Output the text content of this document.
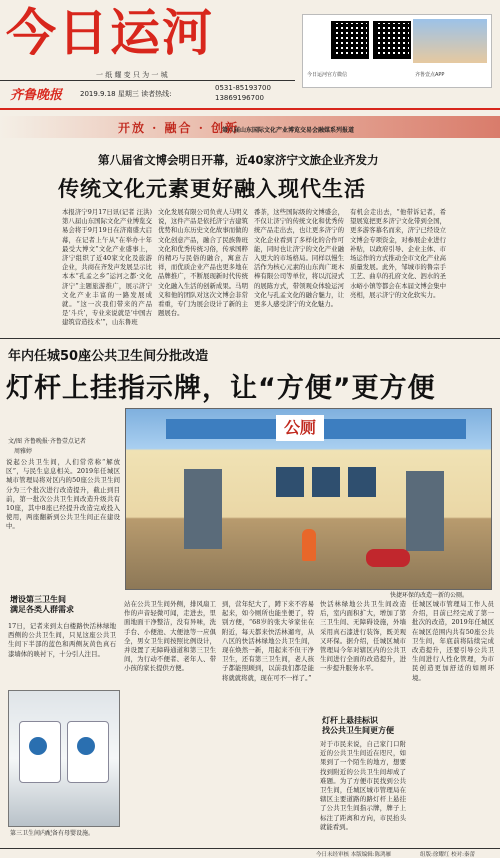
今日运河
一 纸 耀 变 只 为 一 城	今日运河官方微信	齐鲁壹点APP
齐鲁晚报	2019.9.18 星期三 读者热线:
0531-85193700
13869196700
开放 · 融合 · 创新
第八届山东国际文化产业博览交易会融媒系列报道
第八届省文博会明日开幕，近40家济宁文旅企业齐发力
传统文化元素更好融入现代生活
本报济宁9月17日讯(记者 汪洪) 第八届山东国际文化产业博览交易会将于9月19日在济南盛大启幕，在记者上午从“在举办十年 最受大博文”文化产业盛事上，济宁组织了近40家文化及旅游企业，共商在齐发声发展呈示比本本“孔孟之乡”运河之都·文化济宁”主题旅游推广，展示济宁文化产业丰富的一路发展成就。“这一次我们带来的产品是‘斗兵’，专业来说就是‘中国古建筑营造技术’”，山东鲁班
文化发展有限公司负责人马明义说，这件产品是依托济宁古建筑优势和山东历史文化故事而做的文化创意产品，融合了民族鲁班文化和优秀传统习俗，传承国粹的精巧与民俗的融合，寓意吉祥，而优质企业产品也更多地在品牌推广，不断展现新时代传统文化融入生活的创新成果。马明义和他的团队对这次文博会非常看重，专门为展会设计了新的主题展台。
番茶，这些国际级的文博盛会，不仅让济宁的传统文化和优秀传统产品走出去，也让更多济宁的文化企业看到了多样化的合作可能，同时也让济宁的文化产业融入更大的市场格局。同样以慢生活作为核心元素的山东尚广斑木棒有限公司等单位，将以沉浸式的展陈方式，带领观众体验运河文化与孔孟文化的融合魅力，让更多人感受济宁的文化魅力。
有机会走出去，“他带诉记者，希望展览把更多济宁文化带到全国，更多游客慕名而来，济宁已经设立文博会专项资金，对参展企业进行补贴，以政府引导、企业主体、市场运作的方式推动全市文化产业高质量发展。此外，邹城市的鲁宗手工艺、曲阜的孔府文化、泗水的圣水峪小镇等都会在本届文博会集中亮相，展示济宁的文化软实力。
年内任城50座公共卫生间分批改造
灯杆上挂指示牌，让“方便”更方便
文/图 齐鲁晚报·齐鲁壹点记者
周雅婷
说起公共卫生间，人们常常称“解放区”，与民生息息相关。2019年任城区城市管理局将对区内的50座公共卫生间分为三个批次进行改造提升，截止到目前，第一批次公共卫生间改造升级共有10座，其中8座已经提升改造完成投入使用，两座翻新到公共卫生间正在建设中。
公厕
快捷环保的改造一新的公厕。
增设第三卫生间
满足各类人群需求
17日，记者来到太白楼路快活林绿地西侧的公共卫生间，只见这座公共卫生间下半部的蓝色和两侧灰黄色真石漆墙体的映衬下，十分引人注目。
站在公共卫生间外侧，排风扇工作的声音轻微可闻，走进去，里面地面干净整洁，没有异味，洗手台、小便池、大便池等一应俱全，男女卫生间按照比例设计，并设置了无障碍通道和第三卫生间，为行动不便者、老年人、带小孩的家长提供方便。
到，营年纪大了，蹲下来不容易起来，如今厕所也能坐便了，特别方便，“68岁的张大爷家住在附近，每天都来快活林遛弯，从八区的快活林绿地公共卫生间，现在焕然一新，用起来不但干净卫生，还有第三卫生间，老人孩子都能照顾到，以前我们都是能将就就将就，现在可不一样了。”
快活林绿地公共卫生间改造后，室内面积扩大，增加了第三卫生间、无障碍设施，外墙采用真石漆进行装饰，既美观又环保。据介绍，任城区城市管理局今年对辖区内的公共卫生间进行全面的改造提升，进一步提升服务水平。
第三卫生间内配备有母婴设施。
灯杆上悬挂标识
找公共卫生间更方便
对于市民来说，自己家门口附近的公共卫生间近在咫尺，如果到了一个陌生的地方，想要找到附近的公共卫生间却成了难题。为了方便市民找到公共卫生间，任城区城市管理局在辖区主要道路的路灯杆上悬挂了公共卫生间指示牌，牌子上标注了距离和方向，市民抬头就能看到。
任城区城市管理局工作人员介绍，目前已经完成了第一批次的改造，2019年任城区在城区范围内共有50座公共卫生间，年底前将陆续完成改造提升，还要引导公共卫生间进行人性化管理，为市民创造更加舒适的如厕环境。
今日未经审核 本版编辑:陈鸿雁	组版:徐耀红 校对:秦蕾
